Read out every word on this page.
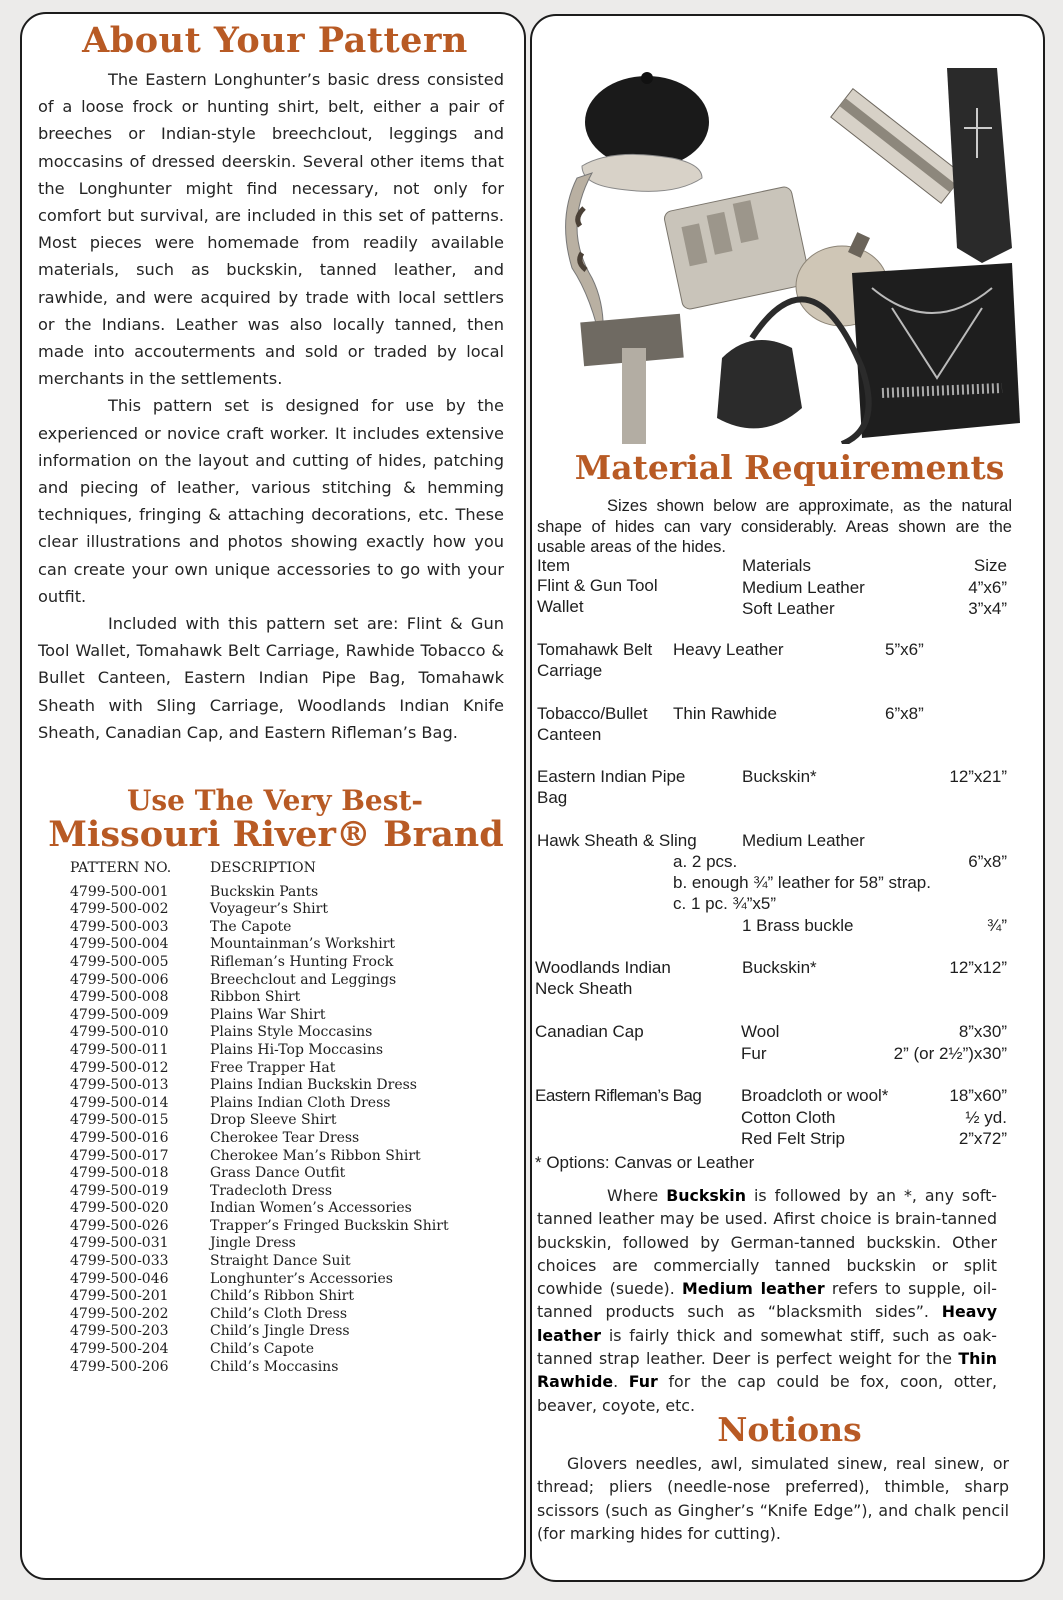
About Your Pattern

The Eastern Longhunter’s basic dress consisted of a loose frock or hunting shirt, belt, either a pair of breeches or Indian-style breechclout, leggings and moccasins of dressed deerskin. Several other items that the Longhunter might find necessary, not only for comfort but survival, are included in this set of patterns. Most pieces were homemade from readily available materials, such as buckskin, tanned leather, and rawhide, and were acquired by trade with local settlers or the Indians. Leather was also locally tanned, then made into accouterments and sold or traded by local merchants in the settlements.

This pattern set is designed for use by the experienced or novice craft worker. It includes extensive information on the layout and cutting of hides, patching and piecing of leather, various stitching & hemming techniques, fringing & attaching decorations, etc. These clear illustrations and photos showing exactly how you can create your own unique accessories to go with your outfit.

Included with this pattern set are: Flint & Gun Tool Wallet, Tomahawk Belt Carriage, Rawhide Tobacco & Bullet Canteen, Eastern Indian Pipe Bag, Tomahawk Sheath with Sling Carriage, Woodlands Indian Knife Sheath, Canadian Cap, and Eastern Rifleman’s Bag.

Use The Very Best-
Missouri River® Brand
PATTERN NO.	DESCRIPTION
4799-500-001	Buckskin Pants
4799-500-002	Voyageur’s Shirt
4799-500-003	The Capote
4799-500-004	Mountainman’s Workshirt
4799-500-005	Rifleman’s Hunting Frock
4799-500-006	Breechclout and Leggings
4799-500-008	Ribbon Shirt
4799-500-009	Plains War Shirt
4799-500-010	Plains Style Moccasins
4799-500-011	Plains Hi-Top Moccasins
4799-500-012	Free Trapper Hat
4799-500-013	Plains Indian Buckskin Dress
4799-500-014	Plains Indian Cloth Dress
4799-500-015	Drop Sleeve Shirt
4799-500-016	Cherokee Tear Dress
4799-500-017	Cherokee Man’s Ribbon Shirt
4799-500-018	Grass Dance Outfit
4799-500-019	Tradecloth Dress
4799-500-020	Indian Women’s Accessories
4799-500-026	Trapper’s Fringed Buckskin Shirt
4799-500-031	Jingle Dress
4799-500-033	Straight Dance Suit
4799-500-046	Longhunter’s Accessories
4799-500-201	Child’s Ribbon Shirt
4799-500-202	Child’s Cloth Dress
4799-500-203	Child’s Jingle Dress
4799-500-204	Child’s Capote
4799-500-206	Child’s Moccasins
Material Requirements
Sizes shown below are approximate, as the natural shape of hides can vary considerably. Areas shown are the usable areas of the hides.
Item	Materials	Size
Flint & Gun Tool
Wallet
Medium Leather	4”x6”
Soft Leather	3”x4”
Tomahawk Belt
Carriage
Heavy Leather	5”x6”
Tobacco/Bullet
Canteen
Thin Rawhide	6”x8”
Eastern Indian Pipe
Bag
Buckskin*	12”x21”
Hawk Sheath & Sling	Medium Leather
a. 2 pcs.	6”x8”
b. enough ¾” leather for 58” strap.
c. 1 pc. ¾”x5”
1 Brass buckle	¾”
Woodlands Indian
Neck Sheath
Buckskin*	12”x12”
Canadian Cap	Wool	8”x30”
Fur	2” (or 2½”)x30”
Eastern Rifleman’s Bag Broadcloth or wool*	18”x60”
Cotton Cloth	½ yd.
Red Felt Strip	2”x72”
* Options: Canvas or Leather

Where Buckskin is followed by an *, any soft-tanned leather may be used. Afirst choice is brain-tanned buckskin, followed by German-tanned buckskin. Other choices are commercially tanned buckskin or split cowhide (suede). Medium leather refers to supple, oil-tanned products such as “blacksmith sides”. Heavy leather is fairly thick and somewhat stiff, such as oak-tanned strap leather. Deer is perfect weight for the Thin Rawhide. Fur for the cap could be fox, coon, otter, beaver, coyote, etc.

Notions
Glovers needles, awl, simulated sinew, real sinew, or thread; pliers (needle-nose preferred), thimble, sharp scissors (such as Gingher’s “Knife Edge”), and chalk pencil (for marking hides for cutting).
